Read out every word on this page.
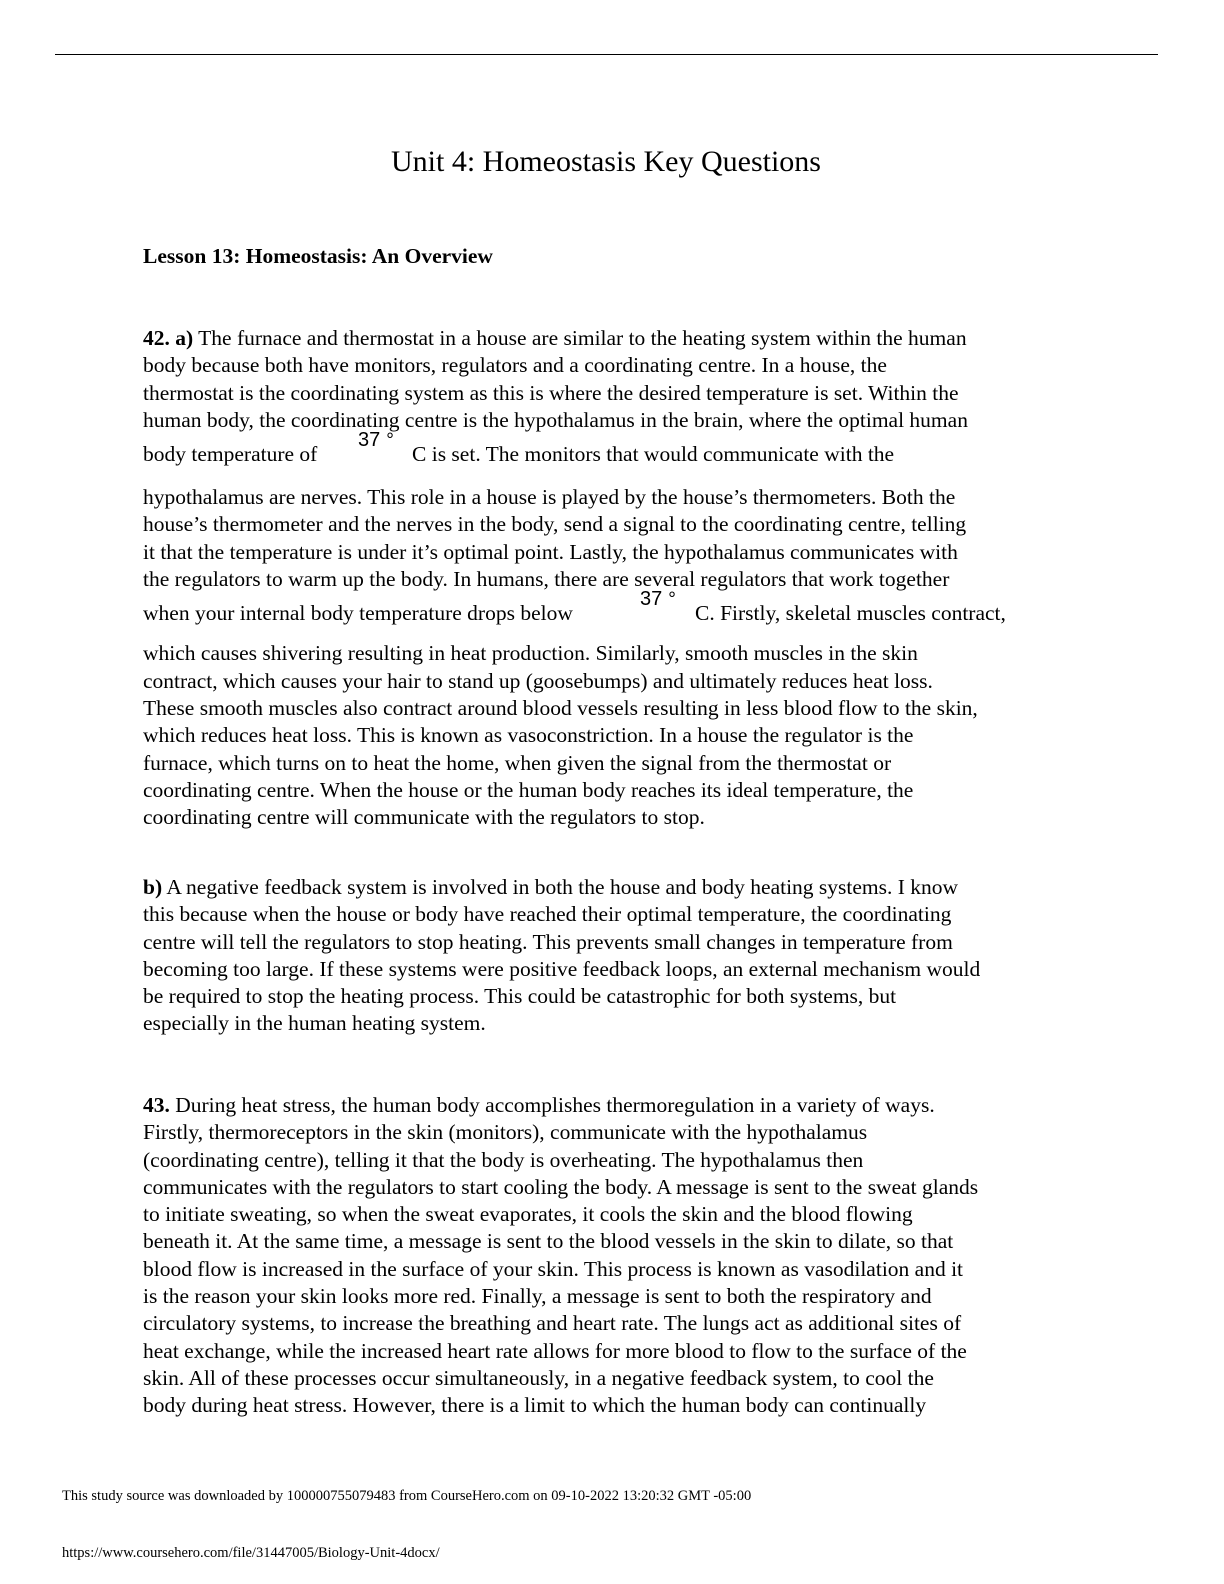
Unit 4: Homeostasis Key Questions
Lesson 13: Homeostasis: An Overview
42. a) The furnace and thermostat in a house are similar to the heating system within the human
body because both have monitors, regulators and a coordinating centre. In a house, the
thermostat is the coordinating system as this is where the desired temperature is set. Within the
human body, the coordinating centre is the hypothalamus in the brain, where the optimal human
body temperature of
37 °
C is set. The monitors that would communicate with the
hypothalamus are nerves. This role in a house is played by the house’s thermometers. Both the
house’s thermometer and the nerves in the body, send a signal to the coordinating centre, telling
it that the temperature is under it’s optimal point. Lastly, the hypothalamus communicates with
the regulators to warm up the body. In humans, there are several regulators that work together
when your internal body temperature drops below
37 °
C. Firstly, skeletal muscles contract,
which causes shivering resulting in heat production. Similarly, smooth muscles in the skin
contract, which causes your hair to stand up (goosebumps) and ultimately reduces heat loss.
These smooth muscles also contract around blood vessels resulting in less blood flow to the skin,
which reduces heat loss. This is known as vasoconstriction. In a house the regulator is the
furnace, which turns on to heat the home, when given the signal from the thermostat or
coordinating centre. When the house or the human body reaches its ideal temperature, the
coordinating centre will communicate with the regulators to stop.
b) A negative feedback system is involved in both the house and body heating systems. I know
this because when the house or body have reached their optimal temperature, the coordinating
centre will tell the regulators to stop heating. This prevents small changes in temperature from
becoming too large. If these systems were positive feedback loops, an external mechanism would
be required to stop the heating process. This could be catastrophic for both systems, but
especially in the human heating system.
43. During heat stress, the human body accomplishes thermoregulation in a variety of ways.
Firstly, thermoreceptors in the skin (monitors), communicate with the hypothalamus
(coordinating centre), telling it that the body is overheating. The hypothalamus then
communicates with the regulators to start cooling the body. A message is sent to the sweat glands
to initiate sweating, so when the sweat evaporates, it cools the skin and the blood flowing
beneath it. At the same time, a message is sent to the blood vessels in the skin to dilate, so that
blood flow is increased in the surface of your skin. This process is known as vasodilation and it
is the reason your skin looks more red. Finally, a message is sent to both the respiratory and
circulatory systems, to increase the breathing and heart rate. The lungs act as additional sites of
heat exchange, while the increased heart rate allows for more blood to flow to the surface of the
skin. All of these processes occur simultaneously, in a negative feedback system, to cool the
body during heat stress. However, there is a limit to which the human body can continually
This study source was downloaded by 100000755079483 from CourseHero.com on 09-10-2022 13:20:32 GMT -05:00
https://www.coursehero.com/file/31447005/Biology-Unit-4docx/
